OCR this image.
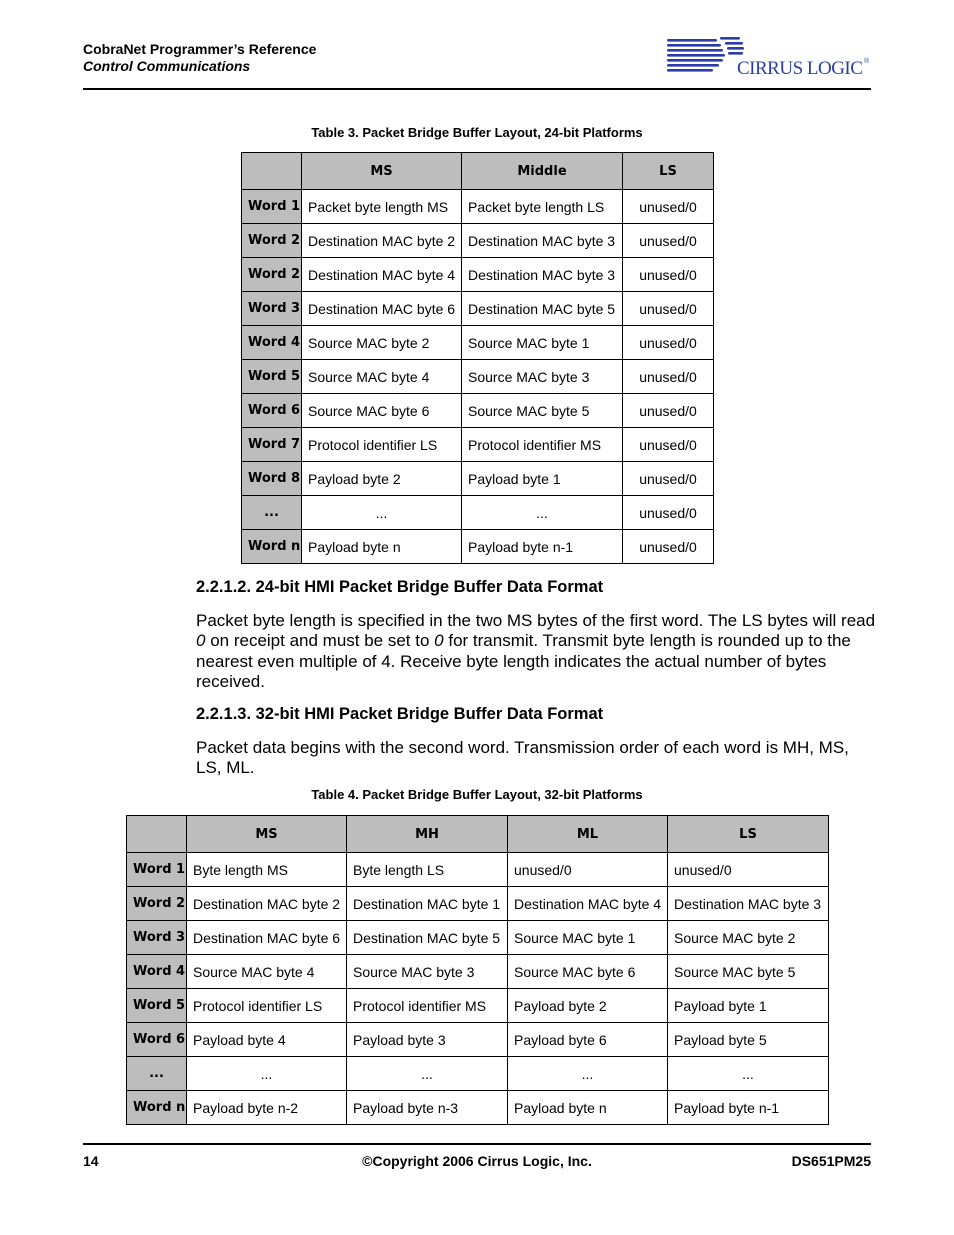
CobraNet Programmer’s Reference
Control Communications	CIRRUS LOGIC ®
Table 3. Packet Bridge Buffer Layout, 24-bit Platforms
	MS	Middle	LS
Word 1	Packet byte length MS	Packet byte length LS	unused/0
Word 2	Destination MAC byte 2	Destination MAC byte 3	unused/0
Word 2	Destination MAC byte 4	Destination MAC byte 3	unused/0
Word 3	Destination MAC byte 6	Destination MAC byte 5	unused/0
Word 4	Source MAC byte 2	Source MAC byte 1	unused/0
Word 5	Source MAC byte 4	Source MAC byte 3	unused/0
Word 6	Source MAC byte 6	Source MAC byte 5	unused/0
Word 7	Protocol identifier LS	Protocol identifier MS	unused/0
Word 8	Payload byte 2	Payload byte 1	unused/0
...	...	...	unused/0
Word n	Payload byte n	Payload byte n-1	unused/0
2.2.1.2. 24-bit HMI Packet Bridge Buffer Data Format
Packet byte length is specified in the two MS bytes of the first word. The LS bytes will read 0 on receipt and must be set to 0 for transmit. Transmit byte length is rounded up to the nearest even multiple of 4. Receive byte length indicates the actual number of bytes received.
2.2.1.3. 32-bit HMI Packet Bridge Buffer Data Format
Packet data begins with the second word. Transmission order of each word is MH, MS, LS, ML.
Table 4. Packet Bridge Buffer Layout, 32-bit Platforms
	MS	MH	ML	LS
Word 1	Byte length MS	Byte length LS	unused/0	unused/0
Word 2	Destination MAC byte 2	Destination MAC byte 1	Destination MAC byte 4	Destination MAC byte 3
Word 3	Destination MAC byte 6	Destination MAC byte 5	Source MAC byte 1	Source MAC byte 2
Word 4	Source MAC byte 4	Source MAC byte 3	Source MAC byte 6	Source MAC byte 5
Word 5	Protocol identifier LS	Protocol identifier MS	Payload byte 2	Payload byte 1
Word 6	Payload byte 4	Payload byte 3	Payload byte 6	Payload byte 5
...	...	...	...	...
Word n	Payload byte n-2	Payload byte n-3	Payload byte n	Payload byte n-1
14	©Copyright 2006 Cirrus Logic, Inc.	DS651PM25
